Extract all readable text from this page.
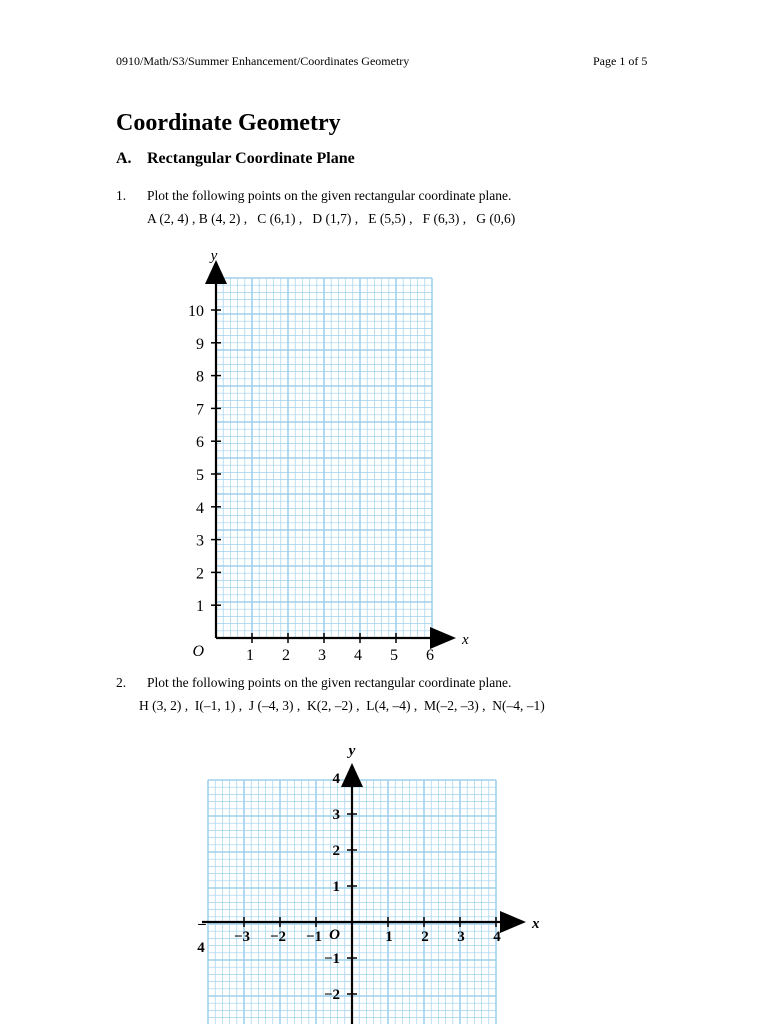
0910/Math/S3/Summer Enhancement/Coordinates Geometry	Page 1 of 5
Coordinate Geometry
A. Rectangular Coordinate Plane
1. Plot the following points on the given rectangular coordinate plane.
A (2, 4) , B (4, 2) ,   C (6,1) ,   D (1,7) ,   E (5,5) ,   F (6,3) ,   G (0,6)
1
2
3
4
5
6
7
8
9
10
1 2 3 4 5 6
O
y
x
2. Plot the following points on the given rectangular coordinate plane.
H (3, 2) ,  I(–1, 1) ,  J (–4, 3) ,  K(2, –2) ,  L(4, –4) ,  M(–2, –3) ,  N(–4, –1)
−3 −2 −1	1 2 3 4
–
4
1
2
3
4
−1
−2
O
y
x
